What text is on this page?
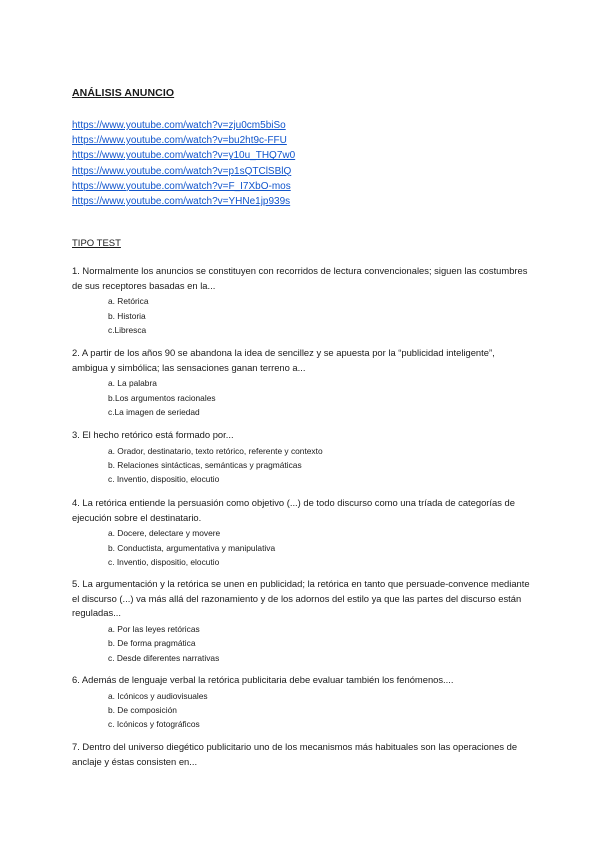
ANÁLISIS ANUNCIO
https://www.youtube.com/watch?v=zju0cm5biSo
https://www.youtube.com/watch?v=bu2ht9c-FFU
https://www.youtube.com/watch?v=y10u_THQ7w0
https://www.youtube.com/watch?v=p1sQTClSBlQ
https://www.youtube.com/watch?v=F_I7XbO-mos
https://www.youtube.com/watch?v=YHNe1jp939s
TIPO TEST

1. Normalmente los anuncios se constituyen con recorridos de lectura convencionales; siguen las costumbres de sus receptores basadas en la...

a. Retórica
b. Historia
c.Libresca

2. A partir de los años 90 se abandona la idea de sencillez y se apuesta por la “publicidad inteligente”, ambigua y simbólica; las sensaciones ganan terreno a...

a. La palabra
b.Los argumentos racionales
c.La imagen de seriedad

3. El hecho retórico está formado por...

a. Orador, destinatario, texto retórico, referente y contexto
b. Relaciones sintácticas, semánticas y pragmáticas
c. Inventio, dispositio, elocutio

4. La retórica entiende la persuasión como objetivo (...) de todo discurso como una tríada de categorías de ejecución sobre el destinatario.

a. Docere, delectare y movere
b. Conductista, argumentativa y manipulativa
c. Inventio, dispositio, elocutio

5. La argumentación y la retórica se unen en publicidad; la retórica en tanto que persuade-convence mediante el discurso (...) va más allá del razonamiento y de los adornos del estilo ya que las partes del discurso están reguladas...

a. Por las leyes retóricas
b. De forma pragmática
c. Desde diferentes narrativas

6. Además de lenguaje verbal la retórica publicitaria debe evaluar también los fenómenos....

a. Icónicos y audiovisuales
b. De composición
c. Icónicos y fotográficos

7. Dentro del universo diegético publicitario uno de los mecanismos más habituales son las operaciones de anclaje y éstas consisten en...
